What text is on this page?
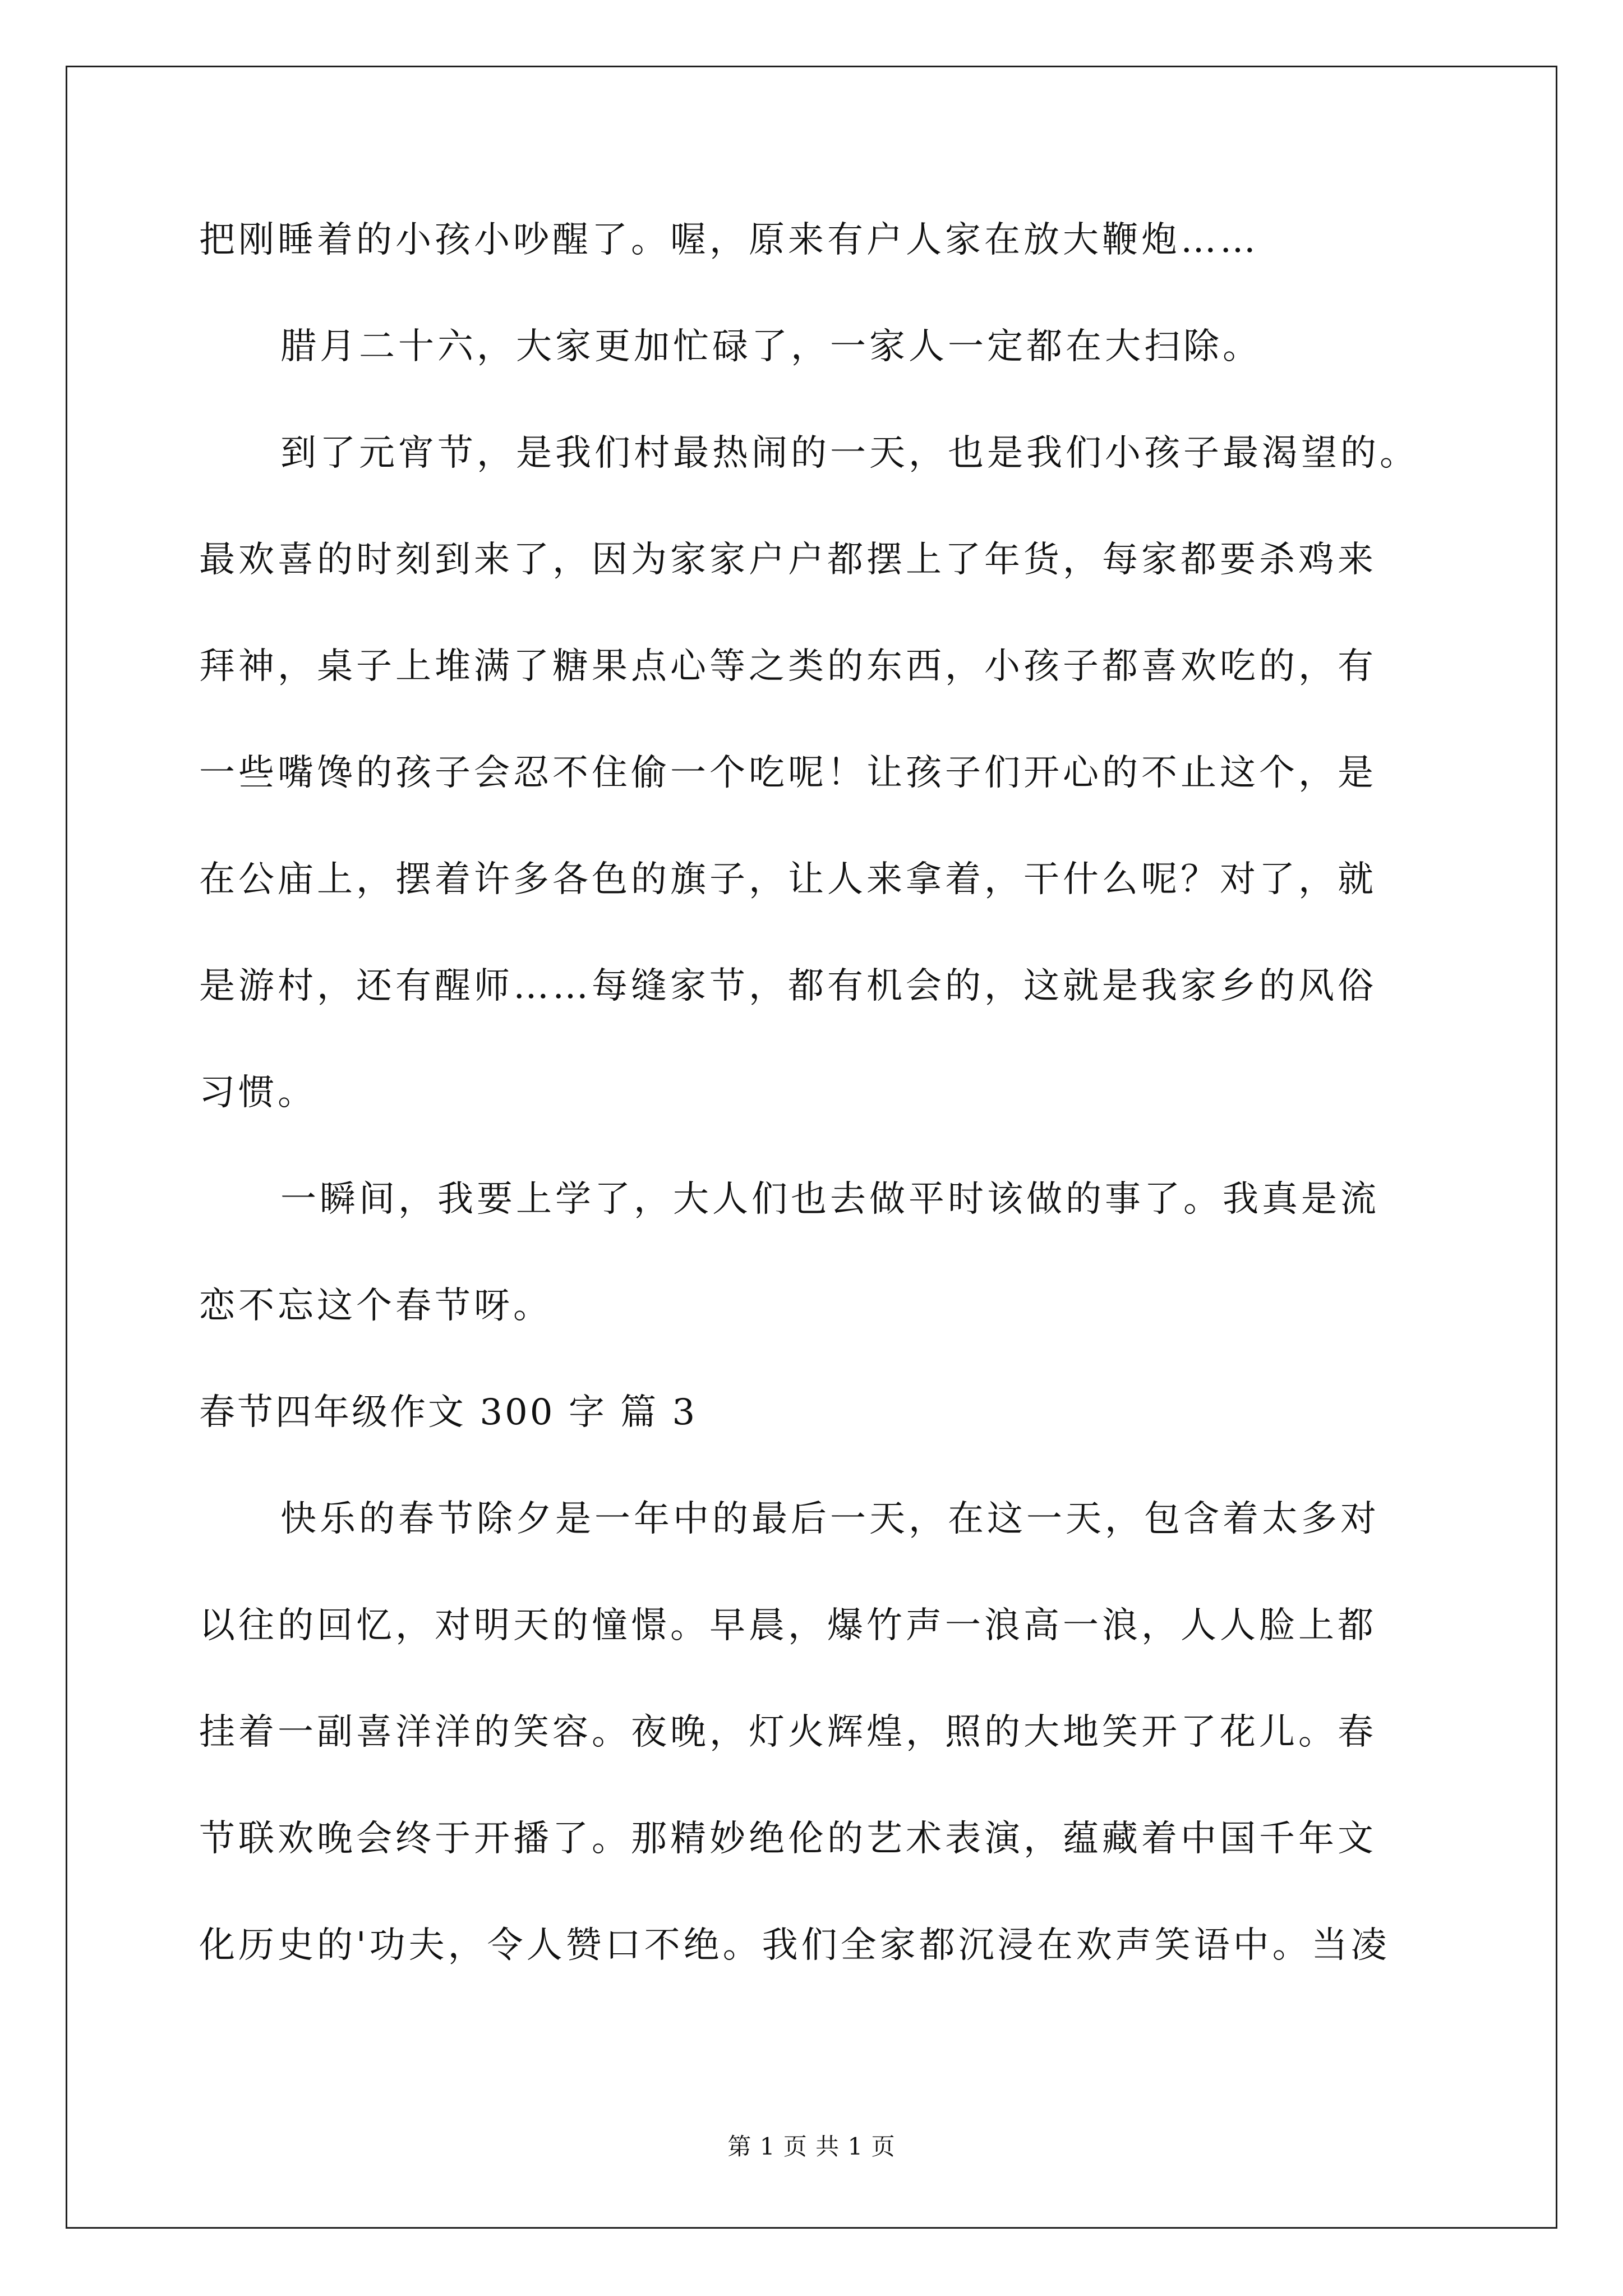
把刚睡着的小孩小吵醒了。喔，原来有户人家在放大鞭炮……
腊月二十六，大家更加忙碌了，一家人一定都在大扫除。
到了元宵节，是我们村最热闹的一天，也是我们小孩子最渴望的。
最欢喜的时刻到来了，因为家家户户都摆上了年货，每家都要杀鸡来
拜神，桌子上堆满了糖果点心等之类的东西，小孩子都喜欢吃的，有
一些嘴馋的孩子会忍不住偷一个吃呢！让孩子们开心的不止这个，是
在公庙上，摆着许多各色的旗子，让人来拿着，干什么呢？对了，就
是游村，还有醒师……每缝家节，都有机会的，这就是我家乡的风俗
习惯。
一瞬间，我要上学了，大人们也去做平时该做的事了。我真是流
恋不忘这个春节呀。
春节四年级作文 300 字 篇 3
快乐的春节除夕是一年中的最后一天，在这一天，包含着太多对
以往的回忆，对明天的憧憬。早晨，爆竹声一浪高一浪，人人脸上都
挂着一副喜洋洋的笑容。夜晚，灯火辉煌，照的大地笑开了花儿。春
节联欢晚会终于开播了。那精妙绝伦的艺术表演，蕴藏着中国千年文
化历史的'功夫，令人赞口不绝。我们全家都沉浸在欢声笑语中。当凌
第 1 页 共 1 页
